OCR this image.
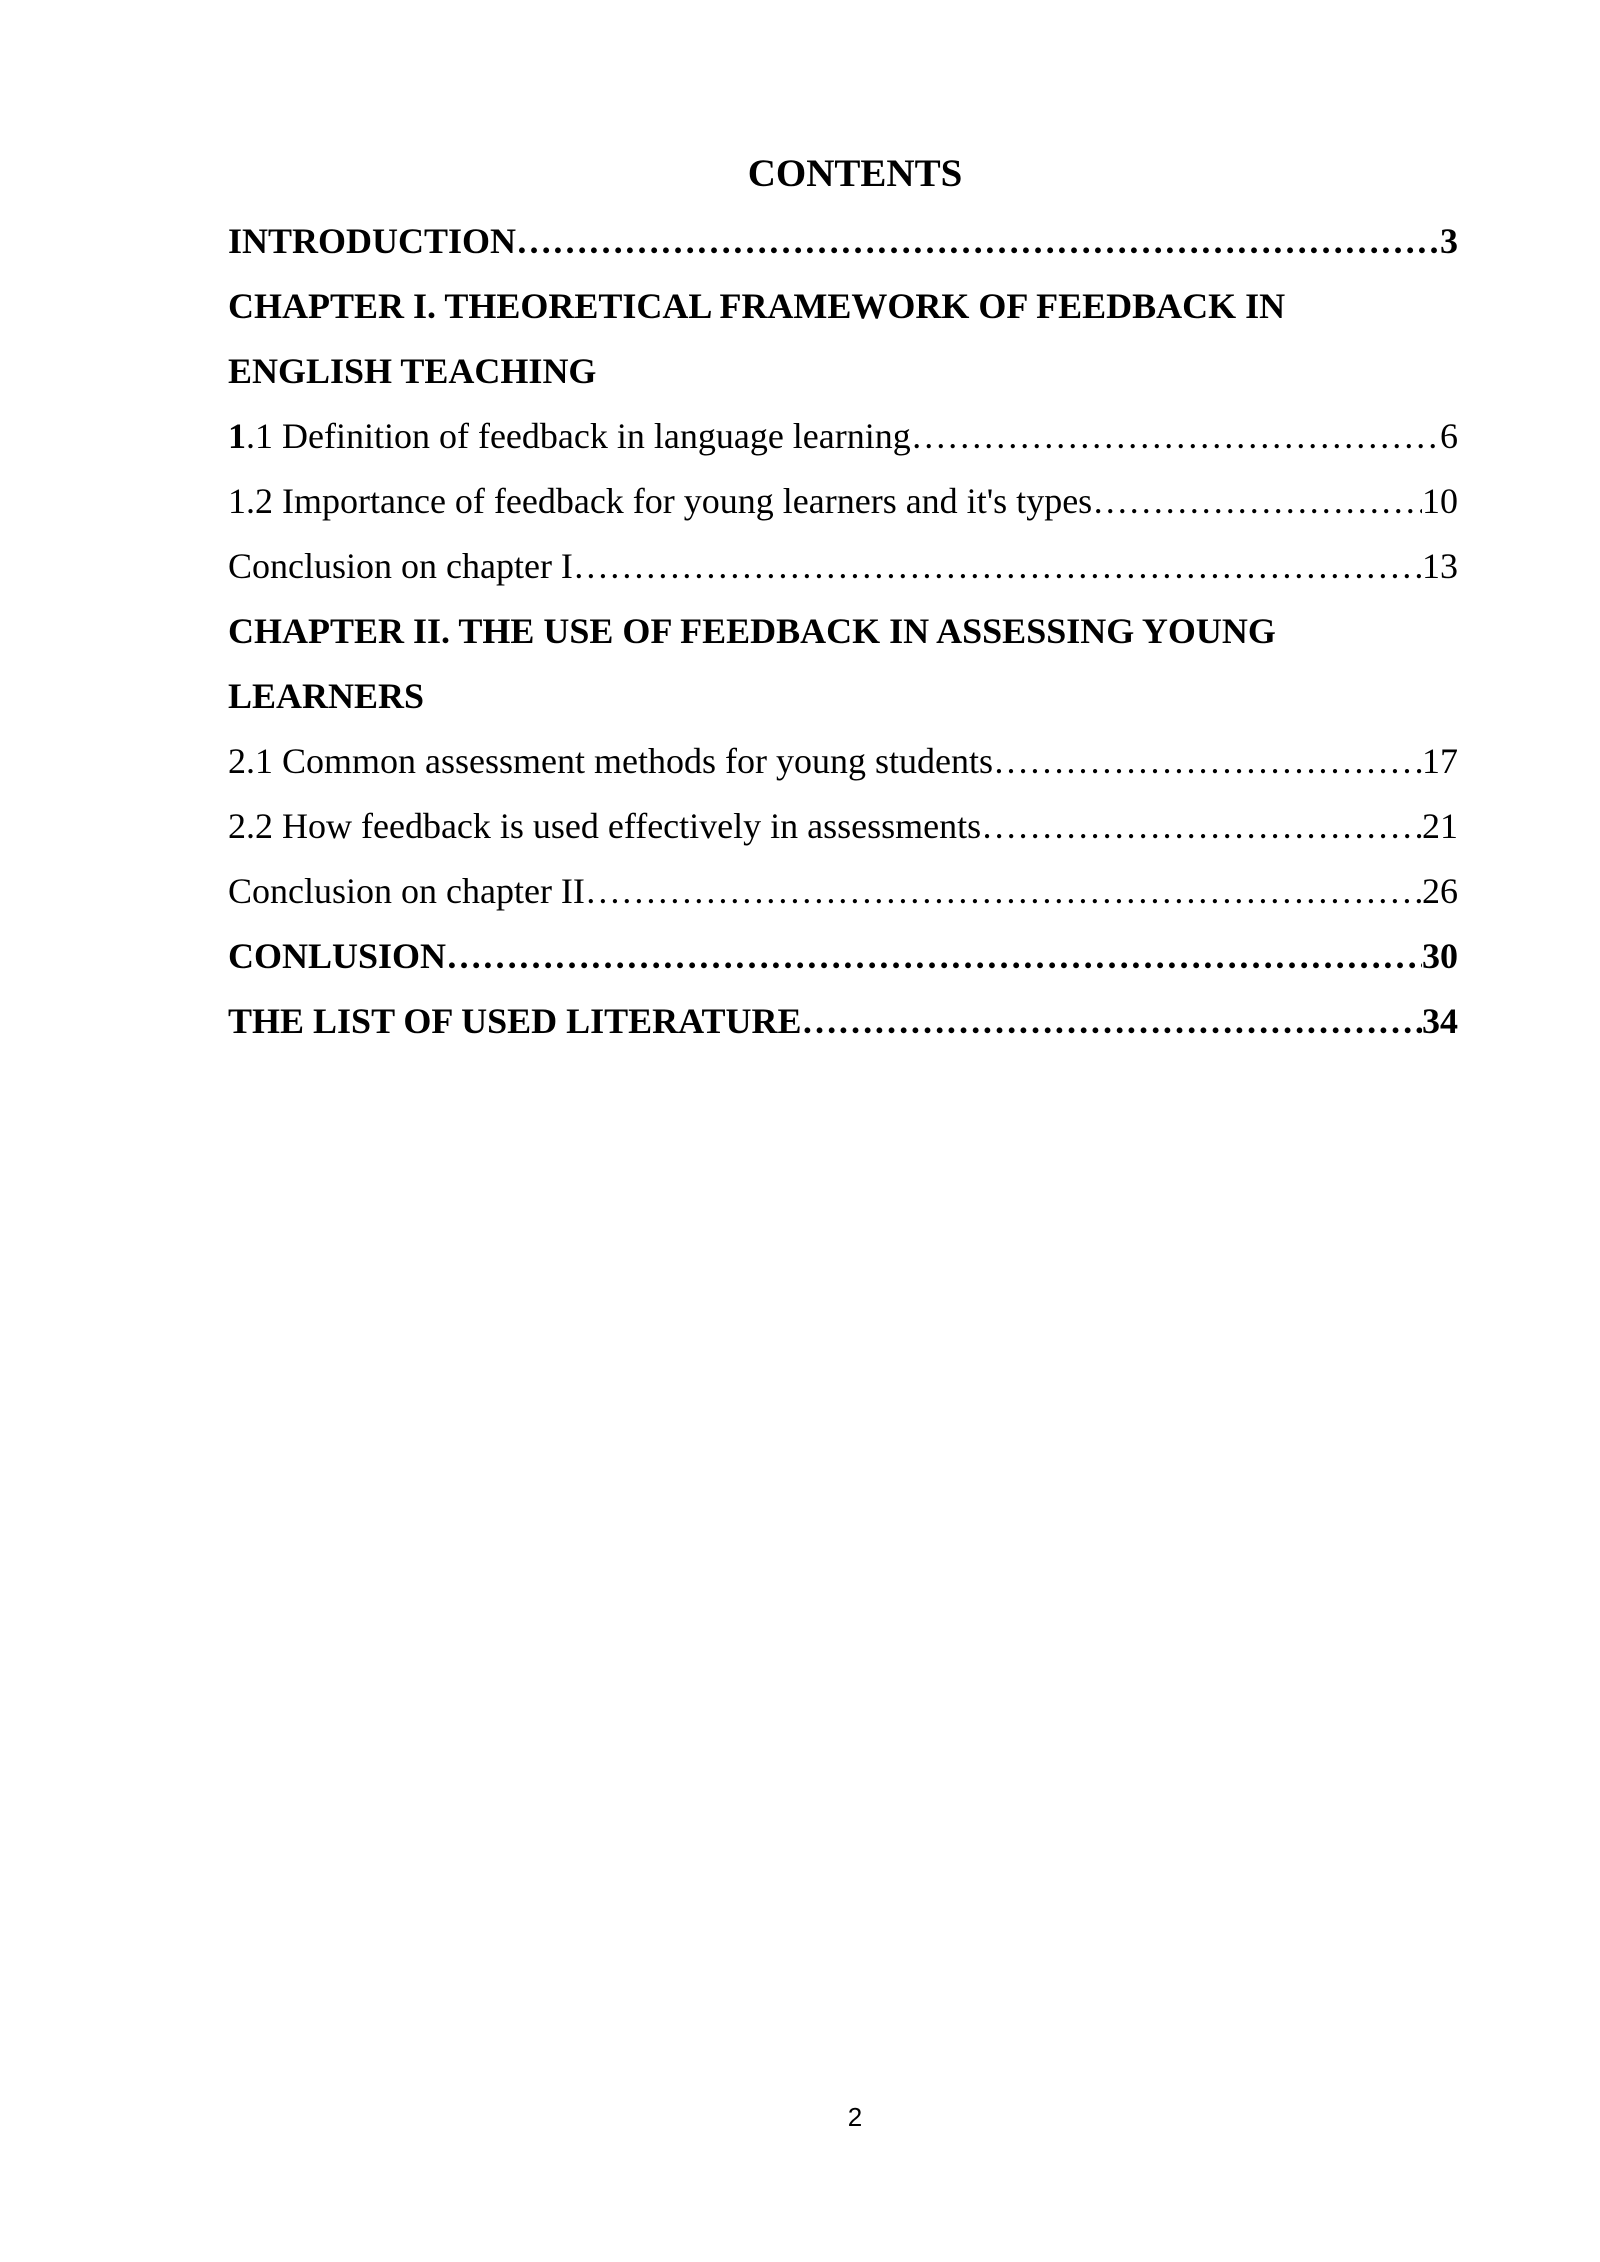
CONTENTS
INTRODUCTION ………………………………………………………………………………………………………………………………………………………………………………………………	3
CHAPTER I. THEORETICAL FRAMEWORK OF FEEDBACK IN
ENGLISH TEACHING
1.1 Definition of feedback in language learning ………………………………………………………………………………………………………………………………………………………………………………………………	6
1.2 Importance of feedback for young learners and it's types ………………………………………………………………………………………………………………………………………………………………………………………………	10
Conclusion on chapter I ………………………………………………………………………………………………………………………………………………………………………………………………	13
CHAPTER II. THE USE OF FEEDBACK IN ASSESSING YOUNG
LEARNERS
2.1 Common assessment methods for young students ………………………………………………………………………………………………………………………………………………………………………………………………	17
2.2 How feedback is used effectively in assessments ………………………………………………………………………………………………………………………………………………………………………………………………	21
Conclusion on chapter II ………………………………………………………………………………………………………………………………………………………………………………………………	26
CONLUSION ………………………………………………………………………………………………………………………………………………………………………………………………	30
THE LIST OF USED LITERATURE ………………………………………………………………………………………………………………………………………………………………………………………………	34
2
